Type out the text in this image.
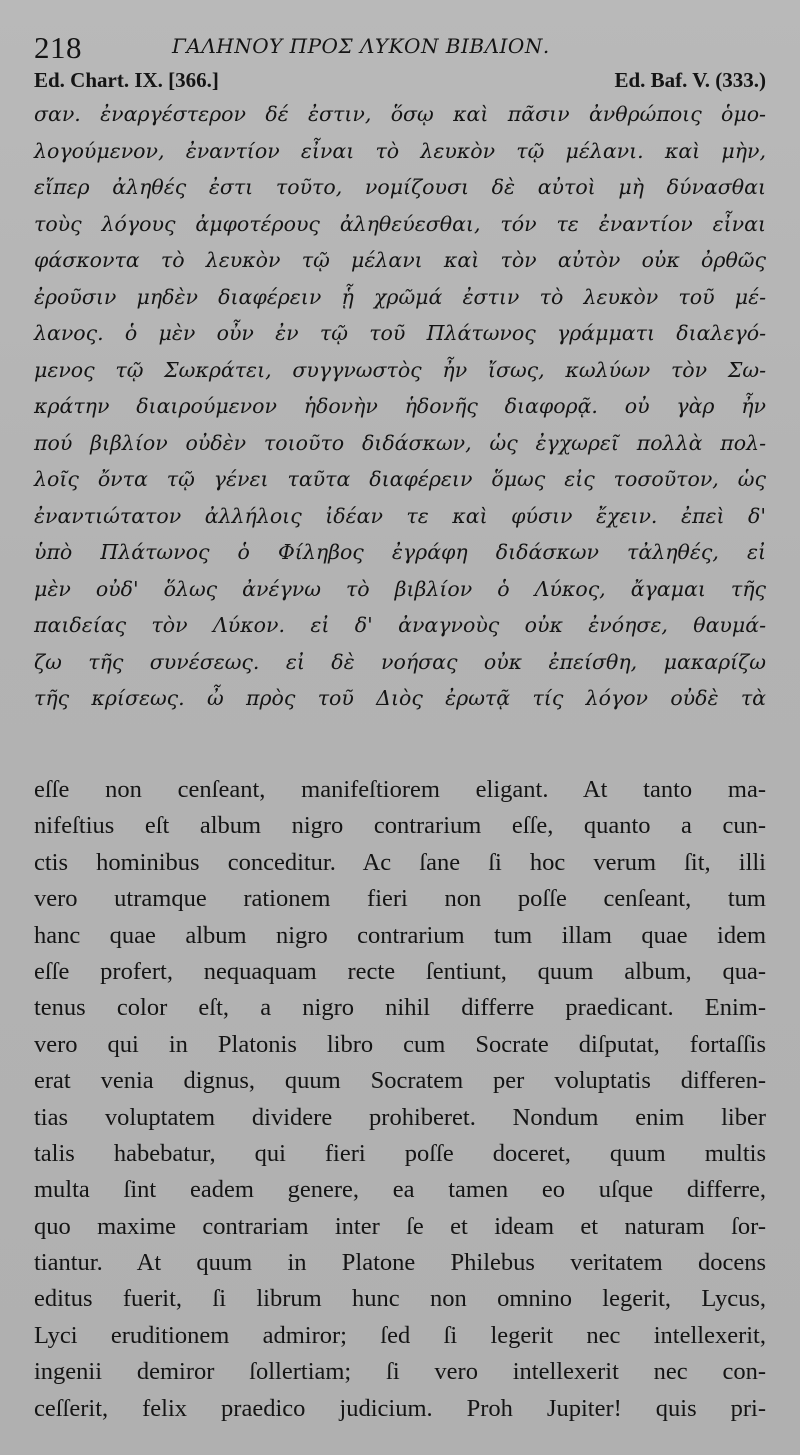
218	ΓΑΛΗΝΟΥ ΠΡΟΣ ΛΥΚΟΝ ΒΙΒΛΙΟΝ.
Ed. Chart. IX. [366.]	Ed. Baf. V. (333.)
σαν. ἐναργέστερον δέ ἐστιν, ὅσῳ καὶ πᾶσιν ἀνθρώποις ὁμο-
λογούμενον, ἐναντίον εἶναι τὸ λευκὸν τῷ μέλανι. καὶ μὴν,
εἴπερ ἀληθές ἐστι τοῦτο, νομίζουσι δὲ αὐτοὶ μὴ δύνασθαι
τοὺς λόγους ἀμφοτέρους ἀληθεύεσθαι, τόν τε ἐναντίον εἶναι
φάσκοντα τὸ λευκὸν τῷ μέλανι καὶ τὸν αὐτὸν οὐκ ὀρθῶς
ἐροῦσιν μηδὲν διαφέρειν ᾗ χρῶμά ἐστιν τὸ λευκὸν τοῦ μέ-
λανος. ὁ μὲν οὖν ἐν τῷ τοῦ Πλάτωνος γράμματι διαλεγό-
μενος τῷ Σωκράτει, συγγνωστὸς ἦν ἴσως, κωλύων τὸν Σω-
κράτην διαιρούμενον ἡδονὴν ἡδονῆς διαφορᾷ. οὐ γὰρ ἦν
πού βιβλίον οὐδὲν τοιοῦτο διδάσκων, ὡς ἐγχωρεῖ πολλὰ πολ-
λοῖς ὄντα τῷ γένει ταῦτα διαφέρειν ὅμως εἰς τοσοῦτον, ὡς
ἐναντιώτατον ἀλλήλοις ἰδέαν τε καὶ φύσιν ἔχειν. ἐπεὶ δ'
ὑπὸ Πλάτωνος ὁ Φίληβος ἐγράφη διδάσκων τἀληθές, εἰ
μὲν οὐδ' ὅλως ἀνέγνω τὸ βιβλίον ὁ Λύκος, ἄγαμαι τῆς
παιδείας τὸν Λύκον. εἰ δ' ἀναγνοὺς οὐκ ἐνόησε, θαυμά-
ζω τῆς συνέσεως. εἰ δὲ νοήσας οὐκ ἐπείσθη, μακαρίζω
τῆς κρίσεως. ὦ πρὸς τοῦ Διὸς ἐρωτᾷ τίς λόγον οὐδὲ τὰ
eſſe non cenſeant, manifeſtiorem eligant. At tanto ma-
nifeſtius eſt album nigro contrarium eſſe, quanto a cun-
ctis hominibus conceditur. Ac ſane ſi hoc verum ſit, illi
vero utramque rationem fieri non poſſe cenſeant, tum
hanc quae album nigro contrarium tum illam quae idem
eſſe profert, nequaquam recte ſentiunt, quum album, qua-
tenus color eſt, a nigro nihil differre praedicant. Enim-
vero qui in Platonis libro cum Socrate diſputat, fortaſſis
erat venia dignus, quum Socratem per voluptatis differen-
tias voluptatem dividere prohiberet. Nondum enim liber
talis habebatur, qui fieri poſſe doceret, quum multis
multa ſint eadem genere, ea tamen eo uſque differre,
quo maxime contrariam inter ſe et ideam et naturam ſor-
tiantur. At quum in Platone Philebus veritatem docens
editus fuerit, ſi librum hunc non omnino legerit, Lycus,
Lyci eruditionem admiror; ſed ſi legerit nec intellexerit,
ingenii demiror ſollertiam; ſi vero intellexerit nec con-
ceſſerit, felix praedico judicium. Proh Jupiter! quis pri-
